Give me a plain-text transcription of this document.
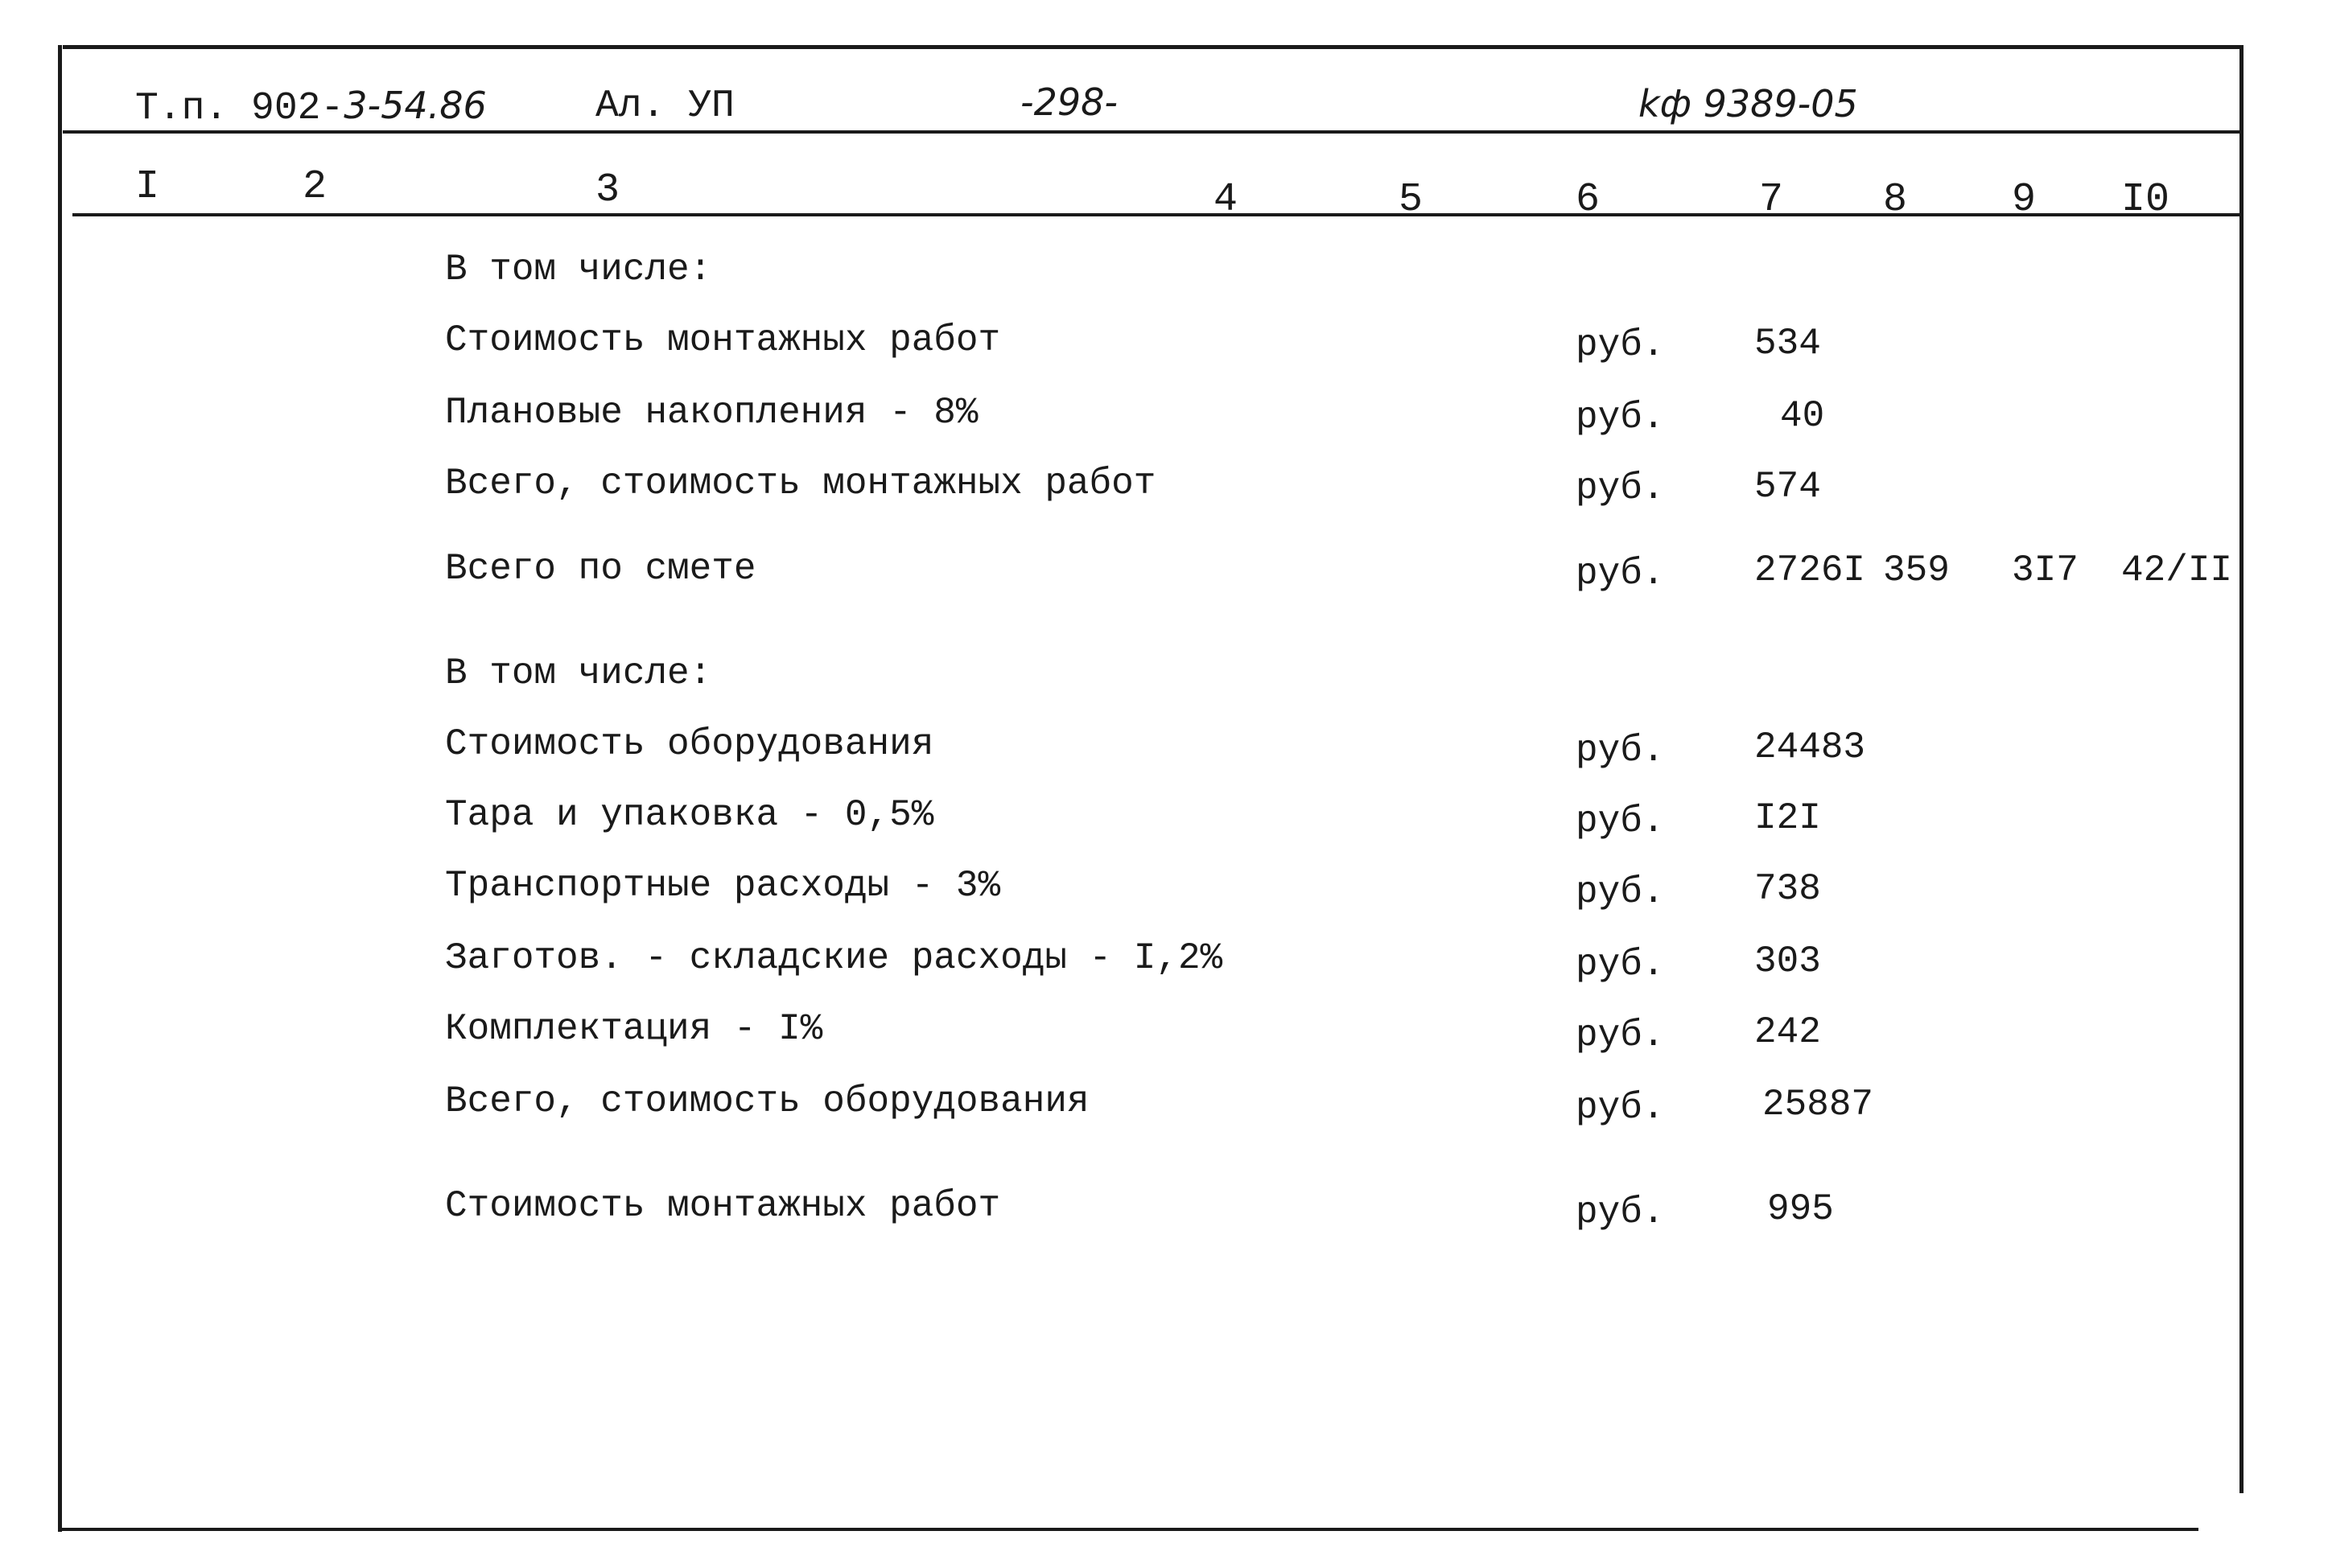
Т.п. 902-3-54.86	Ал. УП	-298-	kф 9389-05
I	2	3	4	5	6	7 8	9 I0
В том числе:
Стоимость монтажных работ	руб. 534
Плановые накопления - 8%	руб.	40
Всего, стоимость монтажных работ	руб. 574
Всего по смете	руб. 2726I 359 3I7 42/II
В том числе:
Стоимость оборудования	руб. 24483
Тара и упаковка - 0,5%	руб. I2I
Транспортные расходы - 3%	руб. 738
Заготов. - складские расходы - I,2%	руб. 303
Комплектация - I%	руб. 242
Всего, стоимость оборудования	руб.	25887
Стоимость монтажных работ	руб.	995
